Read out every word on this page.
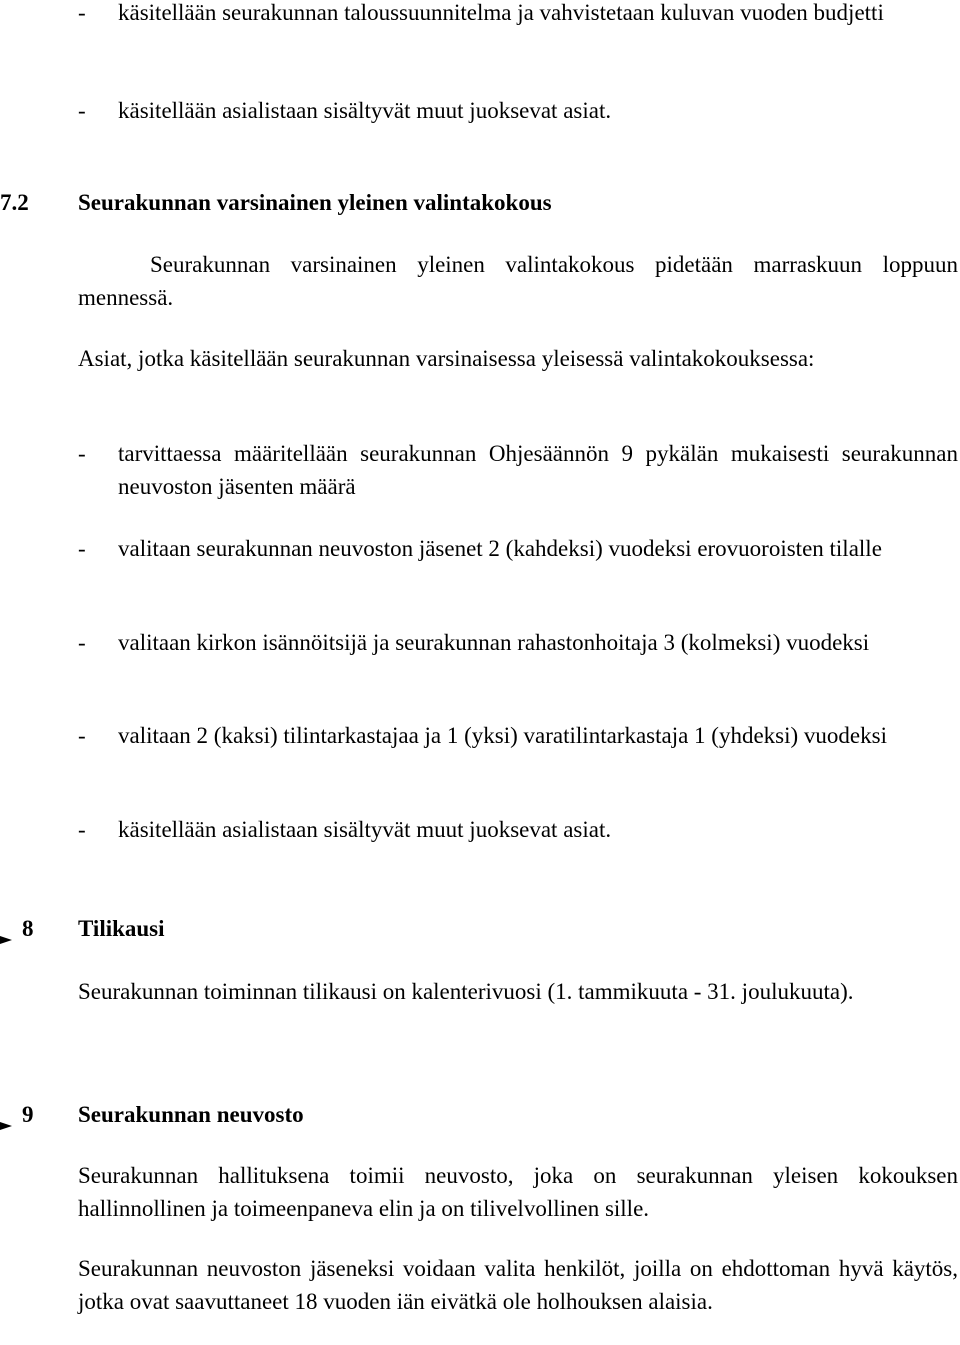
- käsitellään seurakunnan taloussuunnitelma ja vahvistetaan kuluvan vuoden budjetti
- käsitellään asialistaan sisältyvät muut juoksevat asiat.
7.2 Seurakunnan varsinainen yleinen valintakokous

Seurakunnan varsinainen yleinen valintakokous pidetään marraskuun loppuun mennessä.

Asiat, jotka käsitellään seurakunnan varsinaisessa yleisessä valintakokouksessa:

- tarvittaessa määritellään seurakunnan Ohjesäännön 9 pykälän mukaisesti seurakunnan neuvoston jäsenten määrä
- valitaan seurakunnan neuvoston jäsenet 2 (kahdeksi) vuodeksi erovuoroisten tilalle
- valitaan kirkon isännöitsijä ja seurakunnan rahastonhoitaja 3 (kolmeksi) vuodeksi
- valitaan 2 (kaksi) tilintarkastajaa ja 1 (yksi) varatilintarkastaja 1 (yhdeksi) vuodeksi
- käsitellään asialistaan sisältyvät muut juoksevat asiat.
8 Tilikausi

Seurakunnan toiminnan tilikausi on kalenterivuosi (1. tammikuuta - 31. joulukuuta).

9 Seurakunnan neuvosto

Seurakunnan hallituksena toimii neuvosto, joka on seurakunnan yleisen kokouksen hallinnollinen ja toimeenpaneva elin ja on tilivelvollinen sille.

Seurakunnan neuvoston jäseneksi voidaan valita henkilöt, joilla on ehdottoman hyvä käytös, jotka ovat saavuttaneet 18 vuoden iän eivätkä ole holhouksen alaisia.
